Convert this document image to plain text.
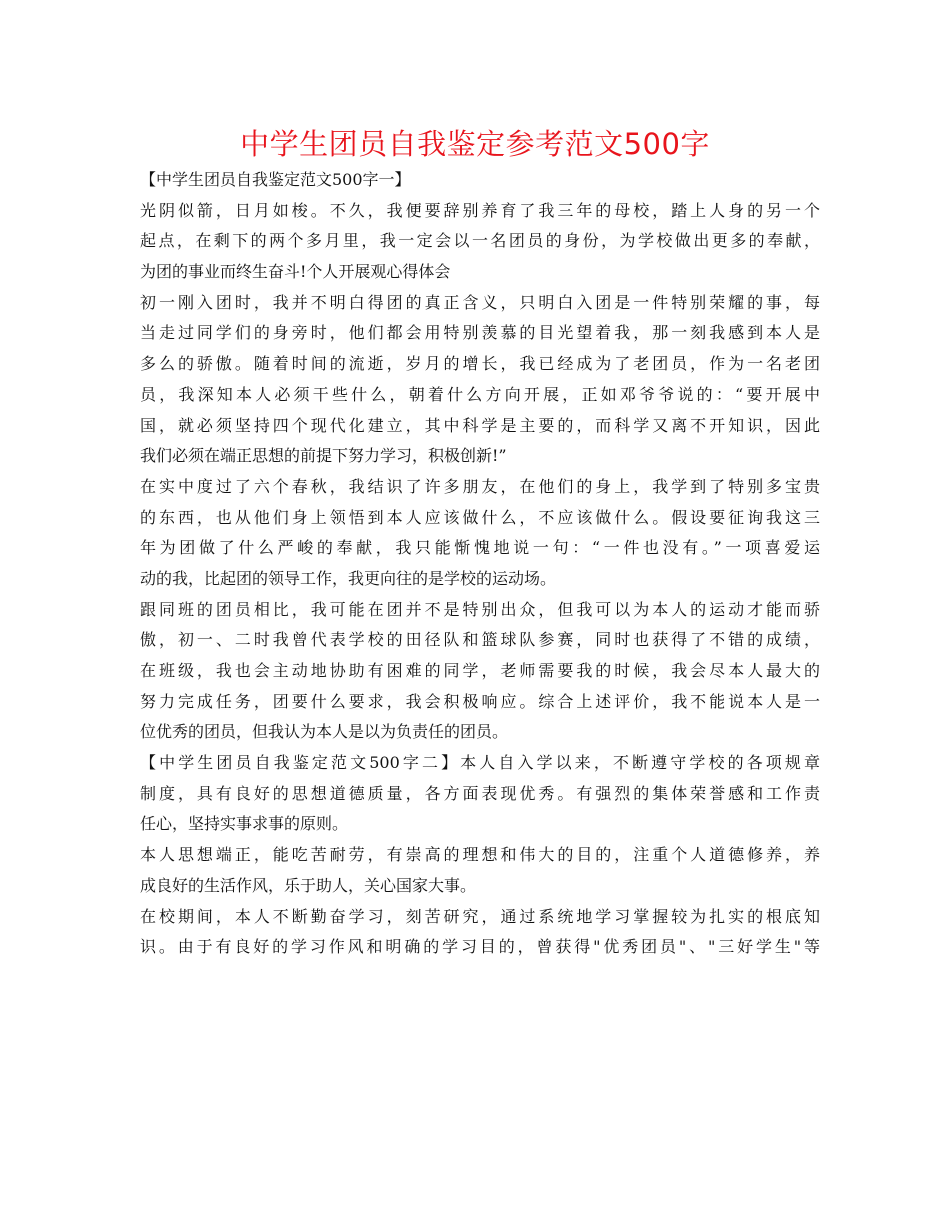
中学生团员自我鉴定参考范文500字

【中学生团员自我鉴定范文500字一】

光阴似箭，日月如梭。不久，我便要辞别养育了我三年的母校，踏上人身的另一个
起点，在剩下的两个多月里，我一定会以一名团员的身份，为学校做出更多的奉献，
为团的事业而终生奋斗!个人开展观心得体会

初一刚入团时，我并不明白得团的真正含义，只明白入团是一件特别荣耀的事，每
当走过同学们的身旁时，他们都会用特别羡慕的目光望着我，那一刻我感到本人是
多么的骄傲。随着时间的流逝，岁月的增长，我已经成为了老团员，作为一名老团
员，我深知本人必须干些什么，朝着什么方向开展，正如邓爷爷说的：“要开展中
国，就必须坚持四个现代化建立，其中科学是主要的，而科学又离不开知识，因此
我们必须在端正思想的前提下努力学习，积极创新!”

在实中度过了六个春秋，我结识了许多朋友，在他们的身上，我学到了特别多宝贵
的东西，也从他们身上领悟到本人应该做什么，不应该做什么。假设要征询我这三
年为团做了什么严峻的奉献，我只能惭愧地说一句：“一件也没有。”一项喜爱运
动的我，比起团的领导工作，我更向往的是学校的运动场。

跟同班的团员相比，我可能在团并不是特别出众，但我可以为本人的运动才能而骄
傲，初一、二时我曾代表学校的田径队和篮球队参赛，同时也获得了不错的成绩，
在班级，我也会主动地协助有困难的同学，老师需要我的时候，我会尽本人最大的
努力完成任务，团要什么要求，我会积极响应。综合上述评价，我不能说本人是一
位优秀的团员，但我认为本人是以为负责任的团员。

【中学生团员自我鉴定范文500字二】本人自入学以来，不断遵守学校的各项规章
制度，具有良好的思想道德质量，各方面表现优秀。有强烈的集体荣誉感和工作责
任心，坚持实事求事的原则。

本人思想端正，能吃苦耐劳，有崇高的理想和伟大的目的，注重个人道德修养，养
成良好的生活作风，乐于助人，关心国家大事。

在校期间，本人不断勤奋学习，刻苦研究，通过系统地学习掌握较为扎实的根底知
识。由于有良好的学习作风和明确的学习目的，曾获得"优秀团员"、"三好学生"等
